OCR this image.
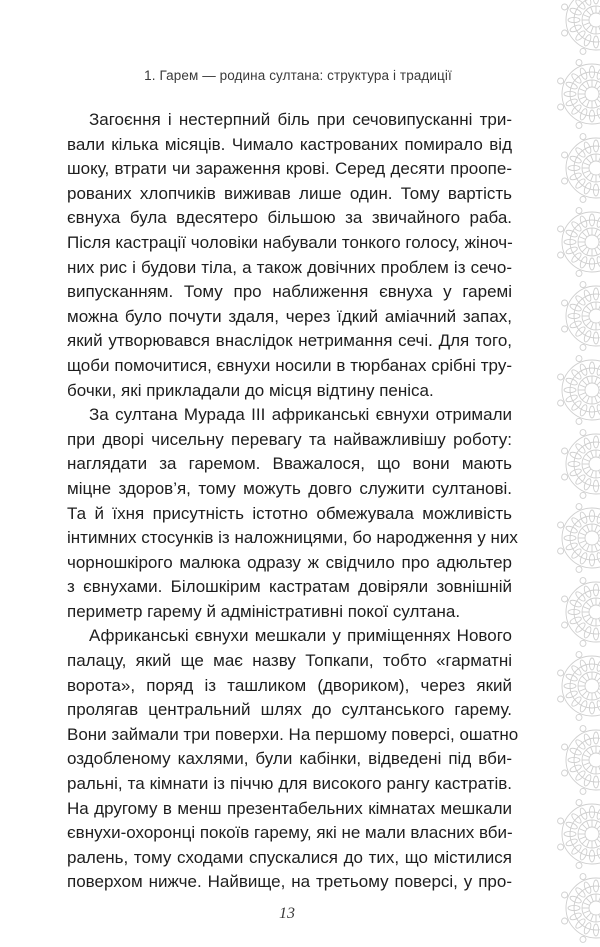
1. Гарем — родина султана: структура і традиції
Загоєння і нестерпний біль при сечовипусканні три-
вали кілька місяців. Чимало кастрованих помирало від
шоку, втрати чи зараження крові. Серед десяти проопе-
рованих хлопчиків виживав лише один. Тому вартість
євнуха була вдесятеро більшою за звичайного раба.
Після кастрації чоловіки набували тонкого голосу, жіноч-
них рис і будови тіла, а також довічних проблем із сечо-
випусканням. Тому про наближення євнуха у гаремі
можна було почути здаля, через їдкий аміачний запах,
який утворювався внаслідок нетримання сечі. Для того,
щоби помочитися, євнухи носили в тюрбанах срібні тру-
бочки, які прикладали до місця відтину пеніса.
За султана Мурада III африканські євнухи отримали
при дворі чисельну перевагу та найважливішу роботу:
наглядати за гаремом. Вважалося, що вони мають
міцне здоров’я, тому можуть довго служити султанові.
Та й їхня присутність істотно обмежувала можливість
інтимних стосунків із наложницями, бо народження у них
чорношкірого малюка одразу ж свідчило про адюльтер
з євнухами. Білошкірим кастратам довіряли зовнішній
периметр гарему й адміністративні покої султана.
Африканські євнухи мешкали у приміщеннях Нового
палацу, який ще має назву Топкапи, тобто «гарматні
ворота», поряд із ташликом (двориком), через який
пролягав центральний шлях до султанського гарему.
Вони займали три поверхи. На першому поверсі, ошатно
оздобленому кахлями, були кабінки, відведені під вби-
ральні, та кімнати із піччю для високого рангу кастратів.
На другому в менш презентабельних кімнатах мешкали
євнухи-охоронці покоїв гарему, які не мали власних вби-
ралень, тому сходами спускалися до тих, що містилися
поверхом нижче. Найвище, на третьому поверсі, у про-
13
